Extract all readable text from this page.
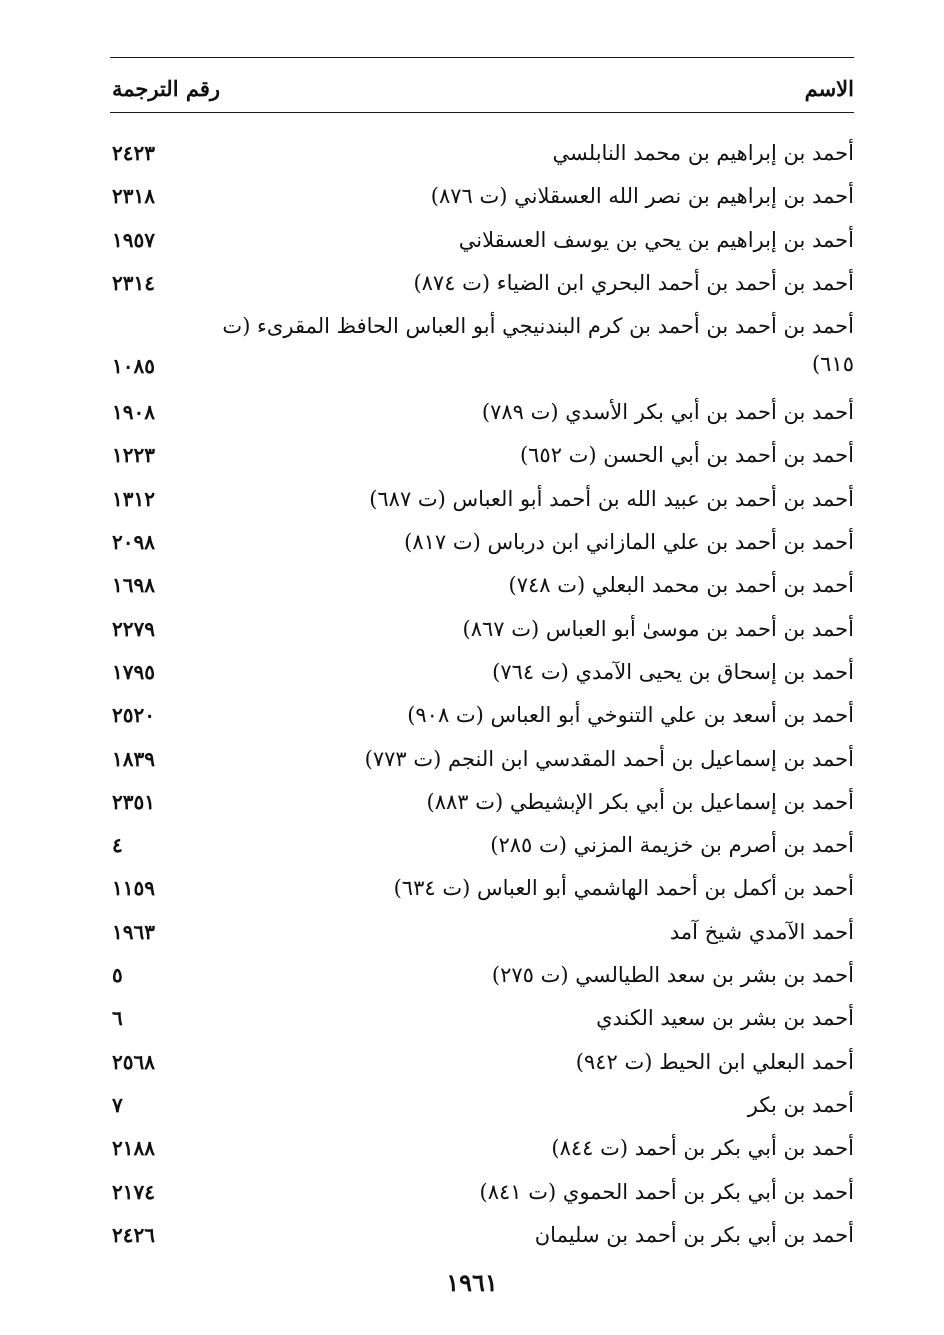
الاسم
رقم الترجمة
أحمد بن إبراهيم بن محمد النابلسي
٢٤٢٣
أحمد بن إبراهيم بن نصر الله العسقلاني (ت ٨٧٦)
٢٣١٨
أحمد بن إبراهيم بن يحي بن يوسف العسقلاني
١٩٥٧
أحمد بن أحمد بن أحمد البحري ابن الضياء (ت ٨٧٤)
٢٣١٤
أحمد بن أحمد بن أحمد بن كرم البندنيجي أبو العباس الحافظ المقرىء (ت ٦١٥)
١٠٨٥
أحمد بن أحمد بن أبي بكر الأسدي (ت ٧٨٩)
١٩٠٨
أحمد بن أحمد بن أبي الحسن (ت ٦٥٢)
١٢٢٣
أحمد بن أحمد بن عبيد الله بن أحمد أبو العباس (ت ٦٨٧)
١٣١٢
أحمد بن أحمد بن علي المازاني ابن درباس (ت ٨١٧)
٢٠٩٨
أحمد بن أحمد بن محمد البعلي (ت ٧٤٨)
١٦٩٨
أحمد بن أحمد بن موسىٰ أبو العباس (ت ٨٦٧)
٢٢٧٩
أحمد بن إسحاق بن يحيى الآمدي (ت ٧٦٤)
١٧٩٥
أحمد بن أسعد بن علي التنوخي أبو العباس (ت ٩٠٨)
٢٥٢٠
أحمد بن إسماعيل بن أحمد المقدسي ابن النجم (ت ٧٧٣)
١٨٣٩
أحمد بن إسماعيل بن أبي بكر الإبشيطي (ت ٨٨٣)
٢٣٥١
أحمد بن أصرم بن خزيمة المزني (ت ٢٨٥)
٤
أحمد بن أكمل بن أحمد الهاشمي أبو العباس (ت ٦٣٤)
١١٥٩
أحمد الآمدي شيخ آمد
١٩٦٣
أحمد بن بشر بن سعد الطيالسي (ت ٢٧٥)
٥
أحمد بن بشر بن سعيد الكندي
٦
أحمد البعلي ابن الحيط (ت ٩٤٢)
٢٥٦٨
أحمد بن بكر
٧
أحمد بن أبي بكر بن أحمد (ت ٨٤٤)
٢١٨٨
أحمد بن أبي بكر بن أحمد الحموي (ت ٨٤١)
٢١٧٤
أحمد بن أبي بكر بن أحمد بن سليمان
٢٤٢٦
١٩٦١
